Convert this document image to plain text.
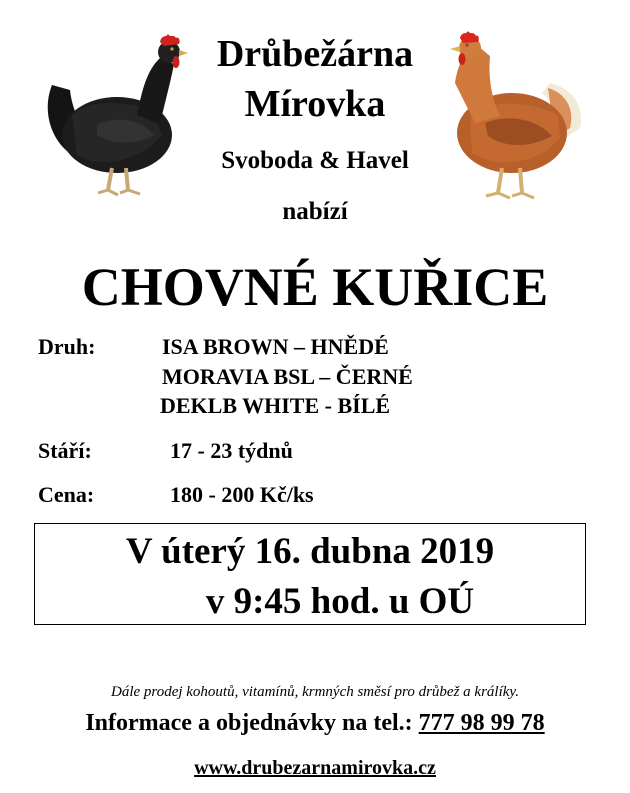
Drůbežárna
Mírovka
Svoboda & Havel
nabízí
CHOVNÉ KUŘICE
Druh:	ISA BROWN – HNĚDÉ
MORAVIA BSL – ČERNÉ
DEKLB WHITE - BÍLÉ
Stáří:	17 - 23 týdnů
Cena:	180 - 200 Kč/ks
V úterý 16. dubna 2019
v 9:45 hod. u OÚ
Dále prodej kohoutů, vitamínů, krmných směsí pro drůbež a králíky.
Informace a objednávky na tel.: 777 98 99 78
www.drubezarnamirovka.cz
